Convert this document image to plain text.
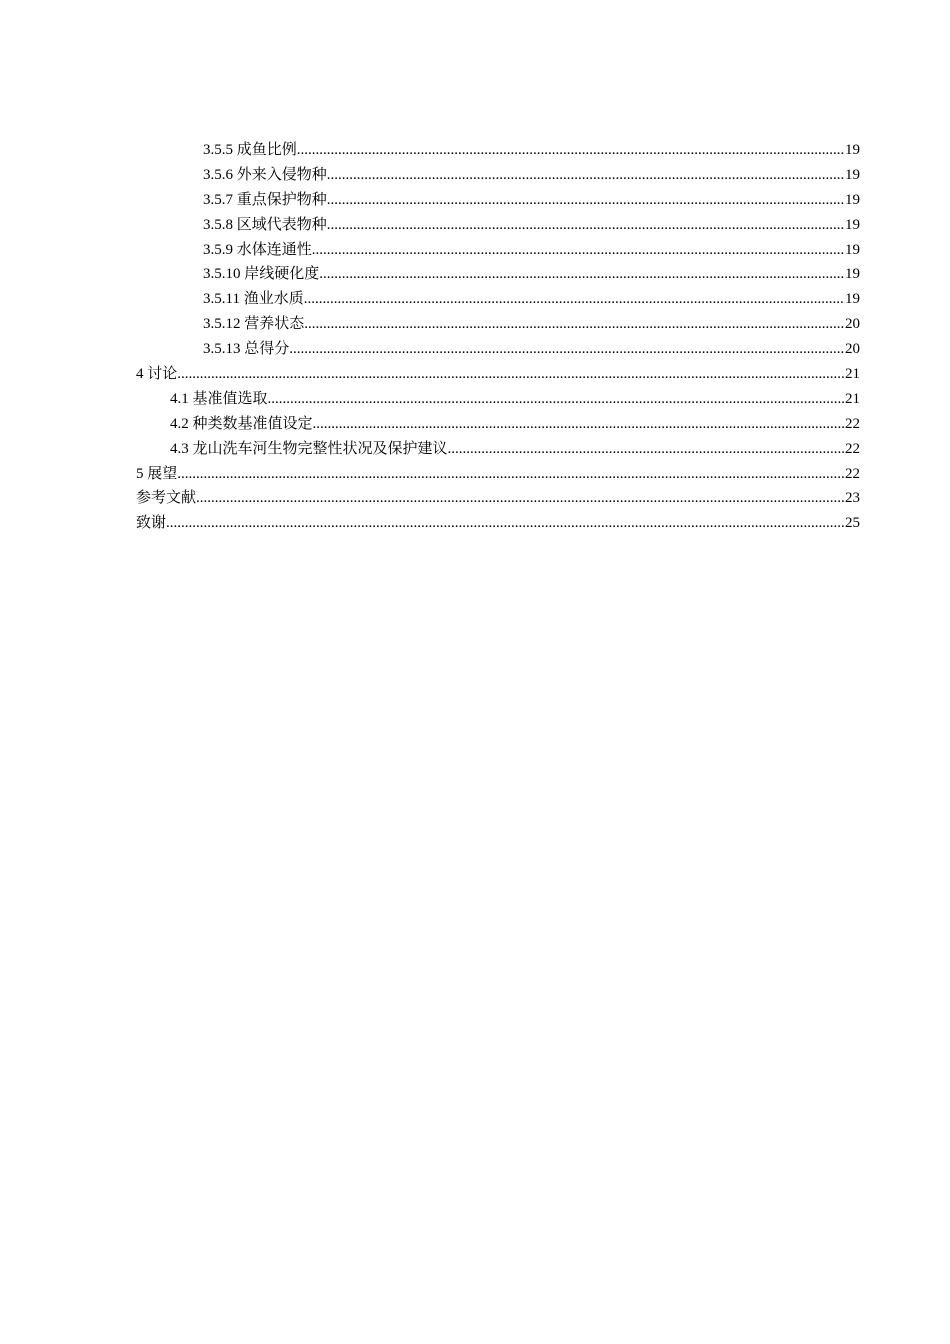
3.5.5 成鱼比例 .....	19
3.5.6 外来入侵物种 .....	19
3.5.7 重点保护物种 .....	19
3.5.8 区域代表物种 .....	19
3.5.9 水体连通性 .....	19
3.5.10 岸线硬化度 .....	19
3.5.11 渔业水质 .....	19
3.5.12 营养状态 .....	20
3.5.13 总得分 .....	20
4 讨论 .....	21
4.1 基准值选取 .....	21
4.2 种类数基准值设定 .....	22
4.3 龙山洗车河生物完整性状况及保护建议 .....	22
5 展望 .....	22
参考文献 .....	23
致谢 .....	25
